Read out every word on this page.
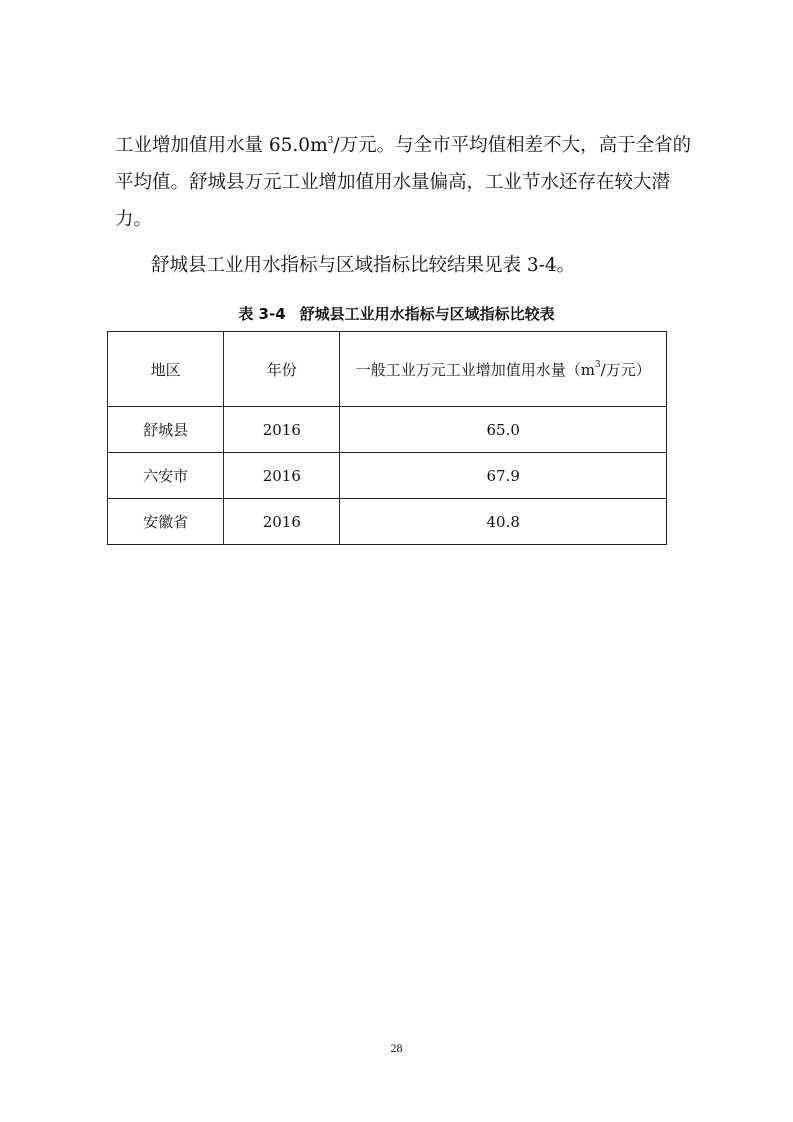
工业增加值用水量 $65.0m^3/$万元。与全市平均值相差不大，高于全省的
平均值。舒城县万元工业增加值用水量偏高，工业节水还存在较大潜
力。

舒城县工业用水指标与区域指标比较结果见表 3-4。

表 3-4 舒城县工业用水指标与区域指标比较表

地区	年份	一般工业万元工业增加值用水量（$m^3/$万元）
舒城县	2016	65.0
六安市	2016	67.9
安徽省	2016	40.8

28
